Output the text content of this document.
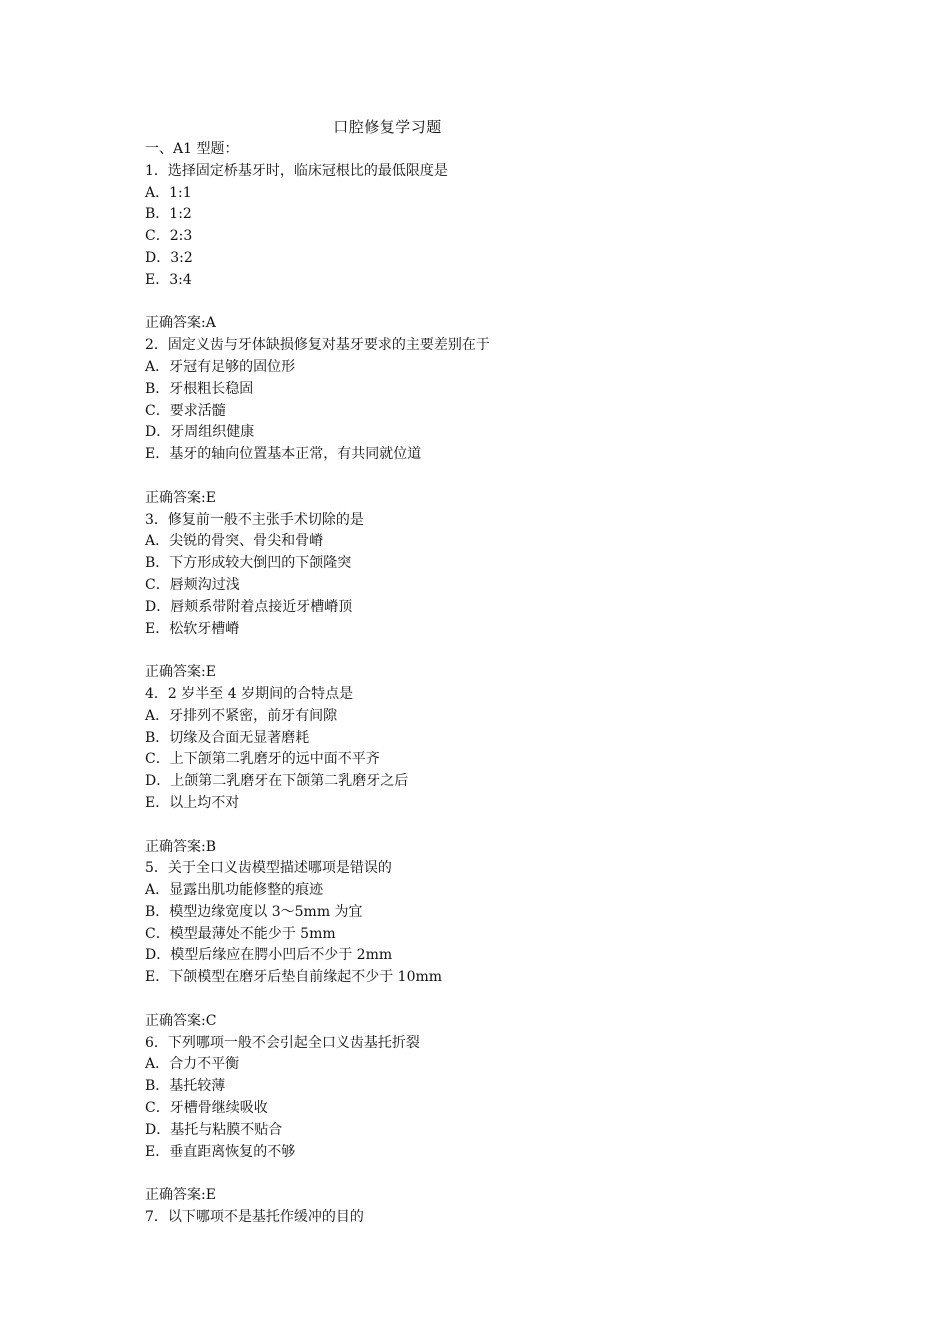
口腔修复学习题
一、A1 型题：
1．选择固定桥基牙时，临床冠根比的最低限度是
A．1:1
B．1:2
C．2:3
D．3:2
E．3:4
正确答案:A
2．固定义齿与牙体缺损修复对基牙要求的主要差别在于
A．牙冠有足够的固位形
B．牙根粗长稳固
C．要求活髓
D．牙周组织健康
E．基牙的轴向位置基本正常，有共同就位道
正确答案:E
3．修复前一般不主张手术切除的是
A．尖锐的骨突、骨尖和骨嵴
B．下方形成较大倒凹的下颌隆突
C．唇颊沟过浅
D．唇颊系带附着点接近牙槽嵴顶
E．松软牙槽嵴
正确答案:E
4．2 岁半至 4 岁期间的合特点是
A．牙排列不紧密，前牙有间隙
B．切缘及合面无显著磨耗
C．上下颌第二乳磨牙的远中面不平齐
D．上颌第二乳磨牙在下颌第二乳磨牙之后
E．以上均不对
正确答案:B
5．关于全口义齿模型描述哪项是错误的
A．显露出肌功能修整的痕迹
B．模型边缘宽度以 3～5mm 为宜
C．模型最薄处不能少于 5mm
D．模型后缘应在腭小凹后不少于 2mm
E．下颌模型在磨牙后垫自前缘起不少于 10mm
正确答案:C
6．下列哪项一般不会引起全口义齿基托折裂
A．合力不平衡
B．基托较薄
C．牙槽骨继续吸收
D．基托与粘膜不贴合
E．垂直距离恢复的不够
正确答案:E
7．以下哪项不是基托作缓冲的目的
